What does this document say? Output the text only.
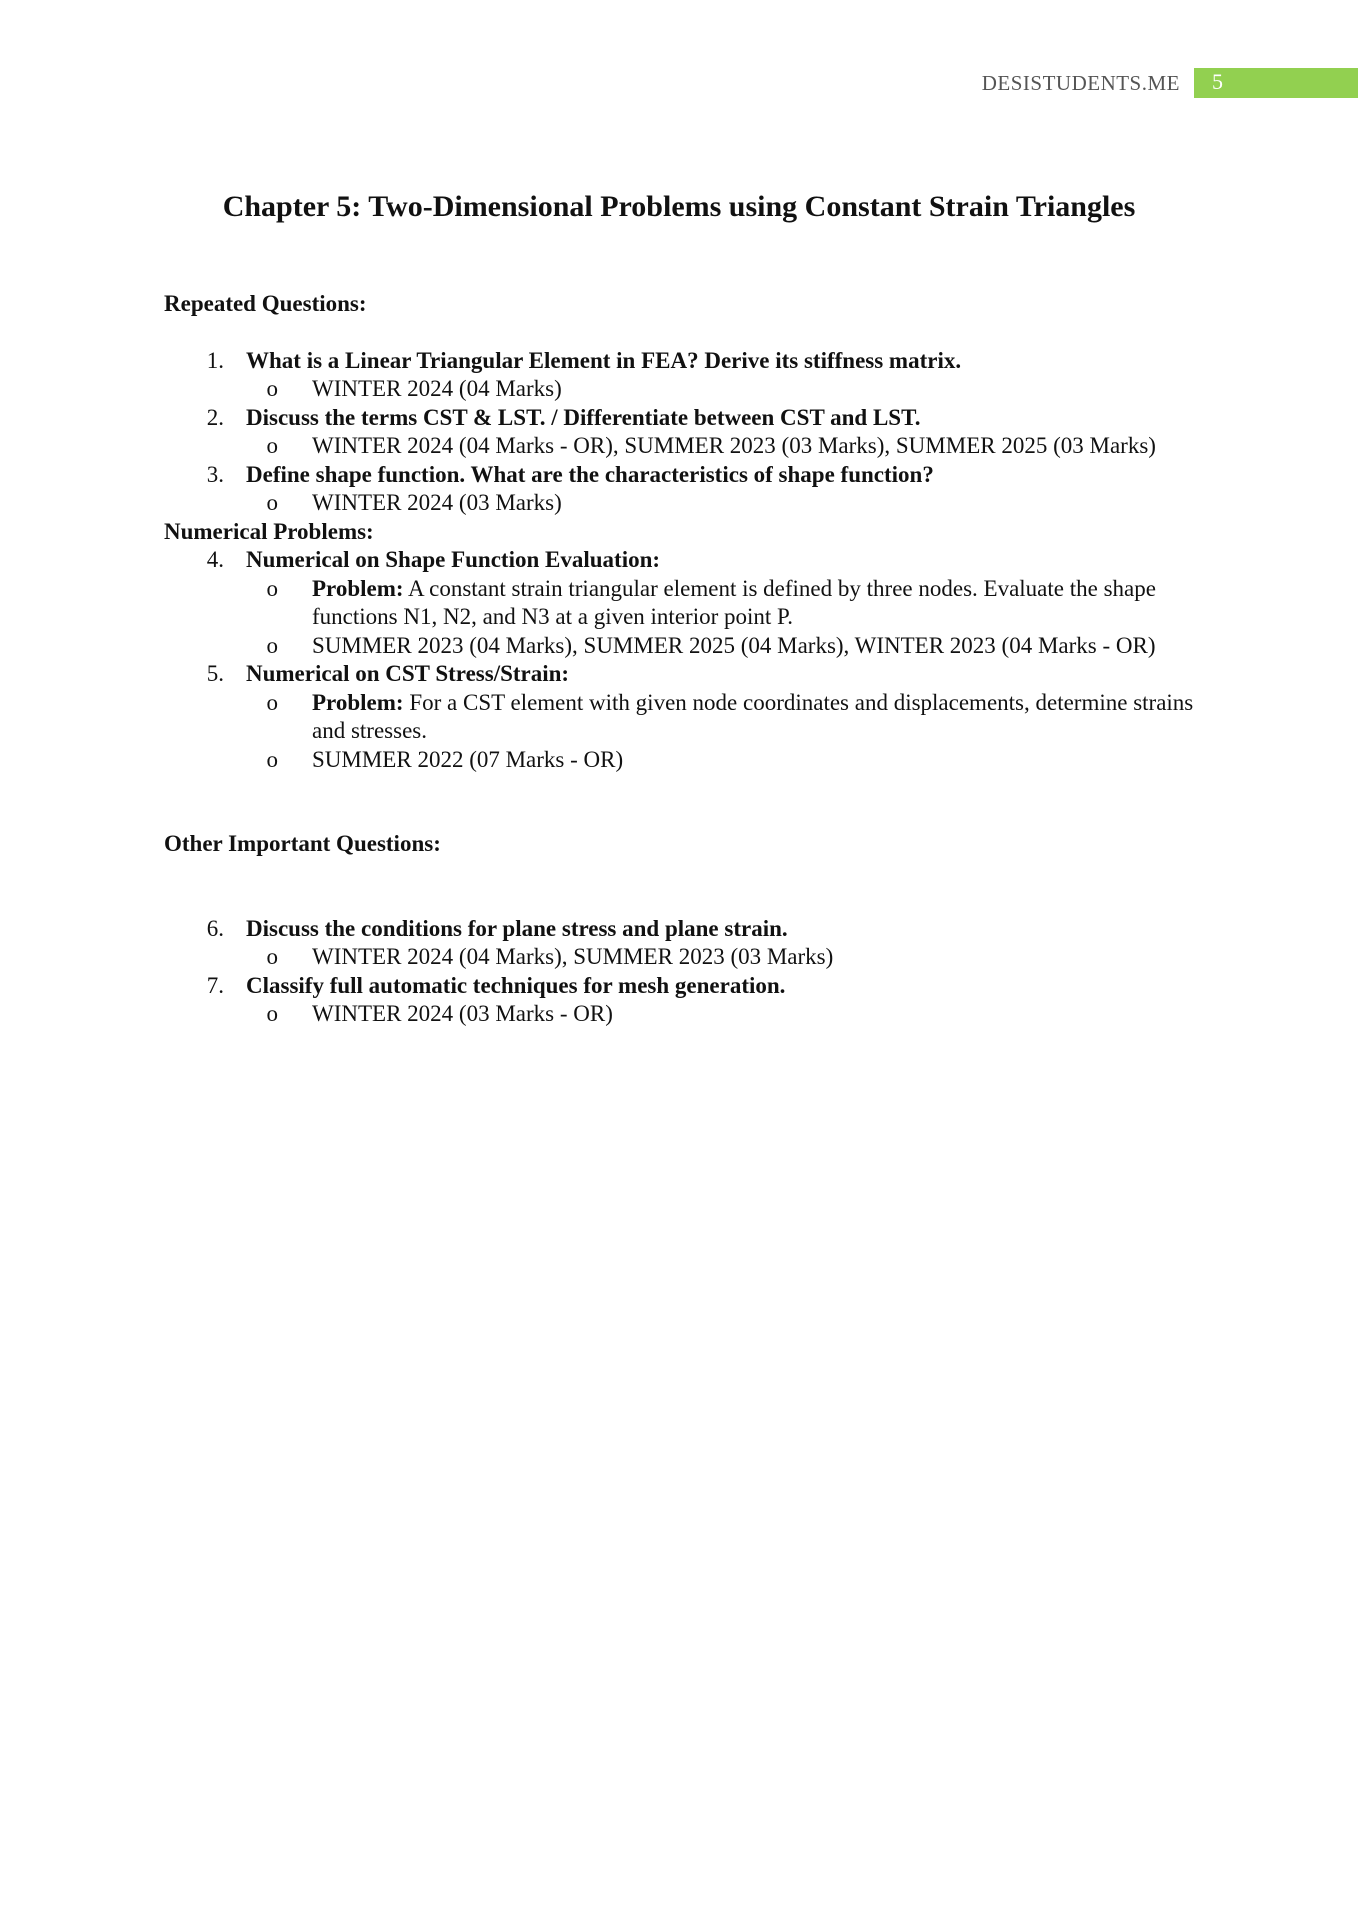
DESISTUDENTS.ME	5
Chapter 5: Two-Dimensional Problems using Constant Strain Triangles

Repeated Questions:

1. What is a Linear Triangular Element in FEA? Derive its stiffness matrix.
o	WINTER 2024 (04 Marks)
2. Discuss the terms CST & LST. / Differentiate between CST and LST.
o	WINTER 2024 (04 Marks - OR), SUMMER 2023 (03 Marks), SUMMER 2025 (03 Marks)
3. Define shape function. What are the characteristics of shape function?
o	WINTER 2024 (03 Marks)

Numerical Problems:

4. Numerical on Shape Function Evaluation:
o	Problem: A constant strain triangular element is defined by three nodes. Evaluate the shape functions N1, N2, and N3 at a given interior point P.
o	SUMMER 2023 (04 Marks), SUMMER 2025 (04 Marks), WINTER 2023 (04 Marks - OR)
5. Numerical on CST Stress/Strain:
o	Problem: For a CST element with given node coordinates and displacements, determine strains and stresses.
o	SUMMER 2022 (07 Marks - OR)

Other Important Questions:

6. Discuss the conditions for plane stress and plane strain.
o	WINTER 2024 (04 Marks), SUMMER 2023 (03 Marks)
7. Classify full automatic techniques for mesh generation.
o	WINTER 2024 (03 Marks - OR)
